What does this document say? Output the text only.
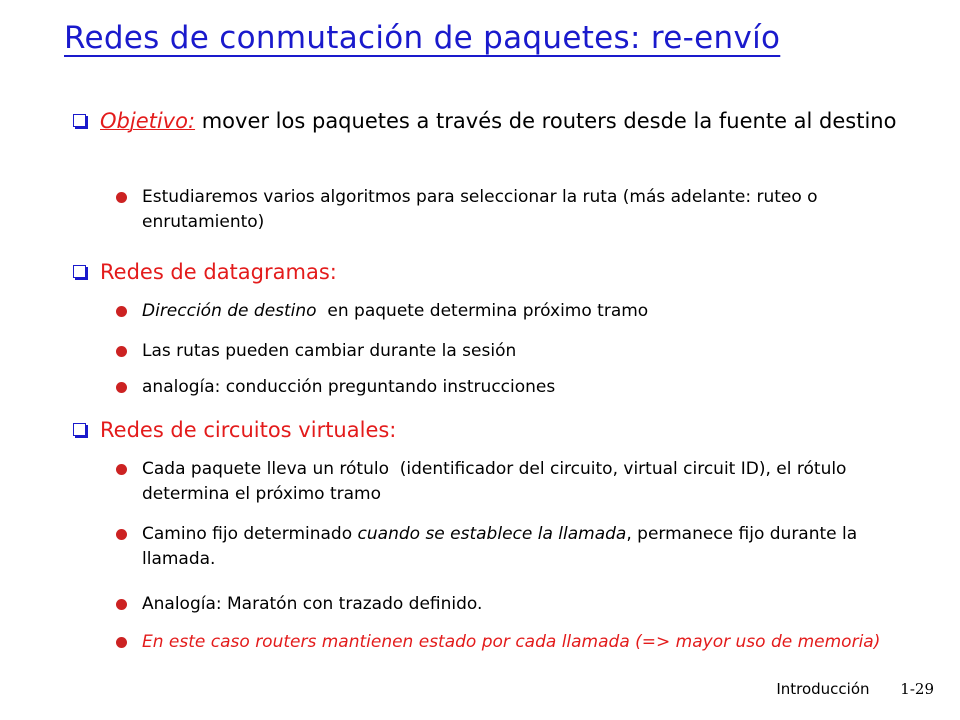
Redes de conmutación de paquetes: re-envío
Objetivo: mover los paquetes a través de routers desde la fuente al destino
Estudiaremos varios algoritmos para seleccionar la ruta (más adelante: ruteo o enrutamiento)
Redes de datagramas:
Dirección de destino  en paquete determina próximo tramo
Las rutas pueden cambiar durante la sesión
analogía: conducción preguntando instrucciones
Redes de circuitos virtuales:
Cada paquete lleva un rótulo  (identificador del circuito, virtual circuit ID), el rótulo determina el próximo tramo
Camino fijo determinado cuando se establece la llamada, permanece fijo durante la llamada.
Analogía: Maratón con trazado definido.
En este caso routers mantienen estado por cada llamada (=> mayor uso de memoria)
Introducción 1-29
